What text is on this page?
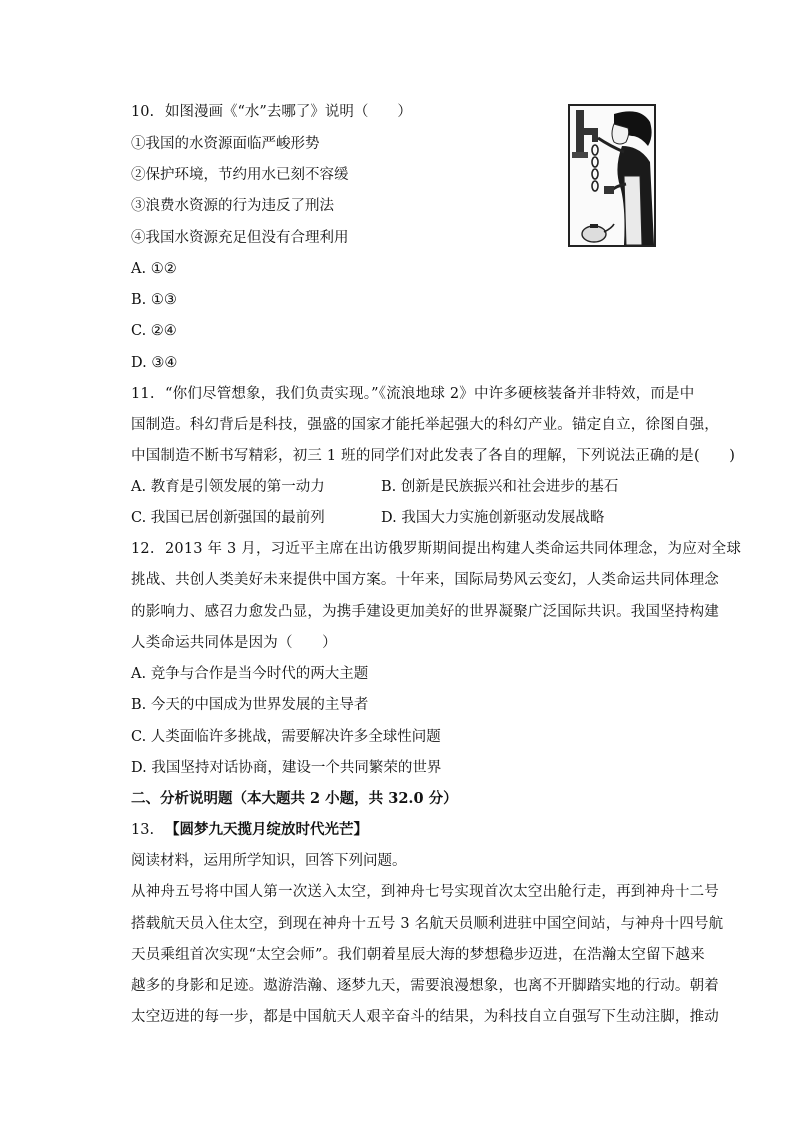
10. 如图漫画《“水”去哪了》说明（　　）
①我国的水资源面临严峻形势
②保护环境，节约用水已刻不容缓
③浪费水资源的行为违反了刑法
④我国水资源充足但没有合理利用
A. ①②
B. ①③
C. ②④
D. ③④
11. “你们尽管想象，我们负责实现。”《流浪地球 2》中许多硬核装备并非特效，而是中
国制造。科幻背后是科技，强盛的国家才能托举起强大的科幻产业。锚定自立，徐图自强，
中国制造不断书写精彩，初三 1 班的同学们对此发表了各自的理解，下列说法正确的是(　　)
A. 教育是引领发展的第一动力	B. 创新是民族振兴和社会进步的基石
C. 我国已居创新强国的最前列	D. 我国大力实施创新驱动发展战略
12. 2013 年 3 月，习近平主席在出访俄罗斯期间提出构建人类命运共同体理念，为应对全球
挑战、共创人类美好未来提供中国方案。十年来，国际局势风云变幻，人类命运共同体理念
的影响力、感召力愈发凸显，为携手建设更加美好的世界凝聚广泛国际共识。我国坚持构建
人类命运共同体是因为（　　）
A. 竞争与合作是当今时代的两大主题
B. 今天的中国成为世界发展的主导者
C. 人类面临许多挑战，需要解决许多全球性问题
D. 我国坚持对话协商，建设一个共同繁荣的世界
二、分析说明题（本大题共 2 小题，共 32.0 分）
13. 【圆梦九天揽月绽放时代光芒】
阅读材料，运用所学知识，回答下列问题。
从神舟五号将中国人第一次送入太空，到神舟七号实现首次太空出舱行走，再到神舟十二号
搭载航天员入住太空，到现在神舟十五号 3 名航天员顺利进驻中国空间站，与神舟十四号航
天员乘组首次实现“太空会师”。我们朝着星辰大海的梦想稳步迈进，在浩瀚太空留下越来
越多的身影和足迹。遨游浩瀚、逐梦九天，需要浪漫想象，也离不开脚踏实地的行动。朝着
太空迈进的每一步，都是中国航天人艰辛奋斗的结果，为科技自立自强写下生动注脚，推动
